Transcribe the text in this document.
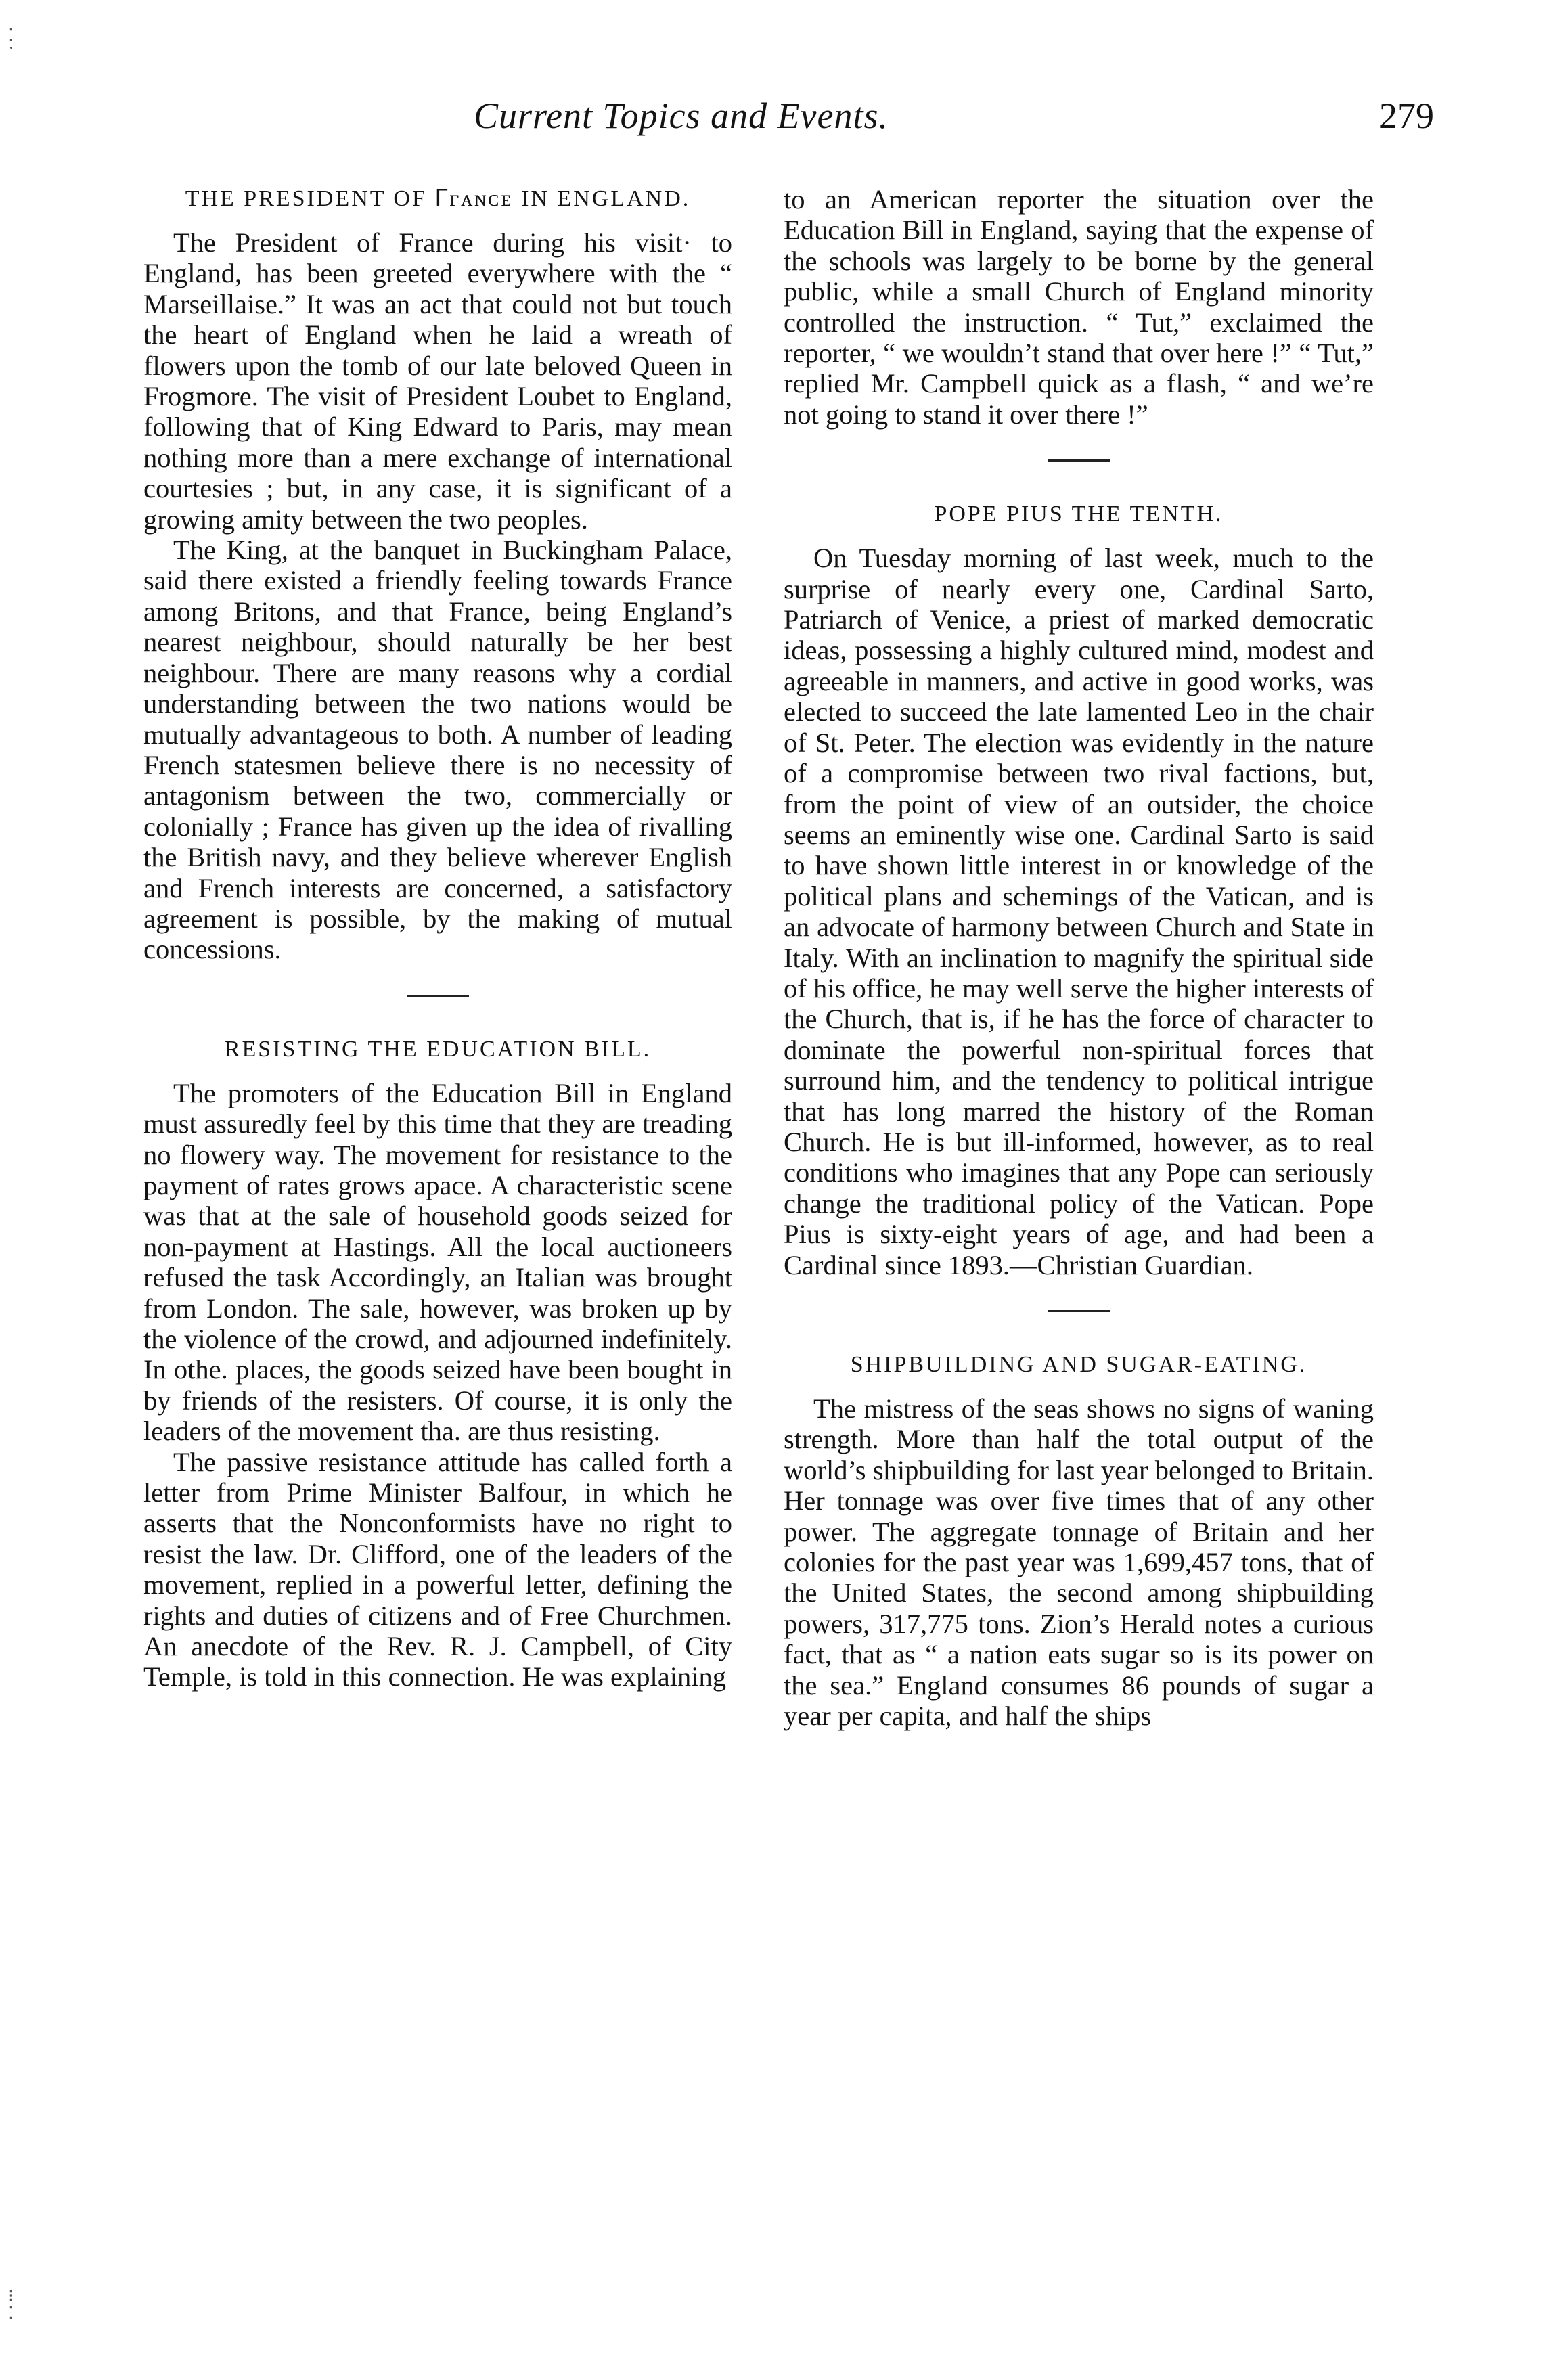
⁚
˙
⁝
⁚
Current Topics and Events.	279
THE PRESIDENT OF ᒥᴦᴀɴᴄᴇ IN ENGLAND.

The President of France during his visit· to England, has been greeted everywhere with the “ Marseillaise.” It was an act that could not but touch the heart of England when he laid a wreath of flowers upon the tomb of our late beloved Queen in Frogmore. The visit of President Loubet to England, following that of King Edward to Paris, may mean nothing more than a mere exchange of international courtesies ; but, in any case, it is significant of a growing amity between the two peoples.

The King, at the banquet in Buckingham Palace, said there existed a friendly feeling towards France among Britons, and that France, being England’s nearest neighbour, should naturally be her best neighbour. There are many reasons why a cordial understanding between the two nations would be mutually advantageous to both. A number of leading French statesmen believe there is no necessity of antagonism between the two, commercially or colonially ; France has given up the idea of rivalling the British navy, and they believe wherever English and French interests are concerned, a satisfactory agreement is possible, by the making of mutual concessions.

RESISTING THE EDUCATION BILL.

The promoters of the Education Bill in England must assuredly feel by this time that they are treading no flowery way. The movement for resistance to the payment of rates grows apace. A characteristic scene was that at the sale of household goods seized for non-payment at Hastings. All the local auctioneers refused the task Accordingly, an Italian was brought from London. The sale, however, was broken up by the violence of the crowd, and adjourned indefinitely. In othe. places, the goods seized have been bought in by friends of the resisters. Of course, it is only the leaders of the movement tha. are thus resisting.

The passive resistance attitude has called forth a letter from Prime Minister Balfour, in which he asserts that the Nonconformists have no right to resist the law. Dr. Clifford, one of the leaders of the movement, replied in a powerful letter, defining the rights and duties of citizens and of Free Churchmen. An anecdote of the Rev. R. J. Campbell, of City Temple, is told in this connection. He was explaining

to an American reporter the situation over the Education Bill in England, saying that the expense of the schools was largely to be borne by the general public, while a small Church of England minority controlled the instruction. “ Tut,” exclaimed the reporter, “ we wouldn’t stand that over here !” “ Tut,” replied Mr. Campbell quick as a flash, “ and we’re not going to stand it over there !”

POPE PIUS THE TENTH.

On Tuesday morning of last week, much to the surprise of nearly every one, Cardinal Sarto, Patriarch of Venice, a priest of marked democratic ideas, possessing a highly cultured mind, modest and agreeable in manners, and active in good works, was elected to succeed the late lamented Leo in the chair of St. Peter. The election was evidently in the nature of a compromise between two rival factions, but, from the point of view of an outsider, the choice seems an eminently wise one. Cardinal Sarto is said to have shown little interest in or knowledge of the political plans and schemings of the Vatican, and is an advocate of harmony between Church and State in Italy. With an inclination to magnify the spiritual side of his office, he may well serve the higher interests of the Church, that is, if he has the force of character to dominate the powerful non-spiritual forces that surround him, and the tendency to political intrigue that has long marred the history of the Roman Church. He is but ill-informed, however, as to real conditions who imagines that any Pope can seriously change the traditional policy of the Vatican. Pope Pius is sixty-eight years of age, and had been a Cardinal since 1893.—Christian Guardian.

SHIPBUILDING AND SUGAR-EATING.

The mistress of the seas shows no signs of waning strength. More than half the total output of the world’s shipbuilding for last year belonged to Britain. Her tonnage was over five times that of any other power. The aggregate tonnage of Britain and her colonies for the past year was 1,699,457 tons, that of the United States, the second among shipbuilding powers, 317,775 tons. Zion’s Herald notes a curious fact, that as “ a nation eats sugar so is its power on the sea.” England consumes 86 pounds of sugar a year per capita, and half the ships
